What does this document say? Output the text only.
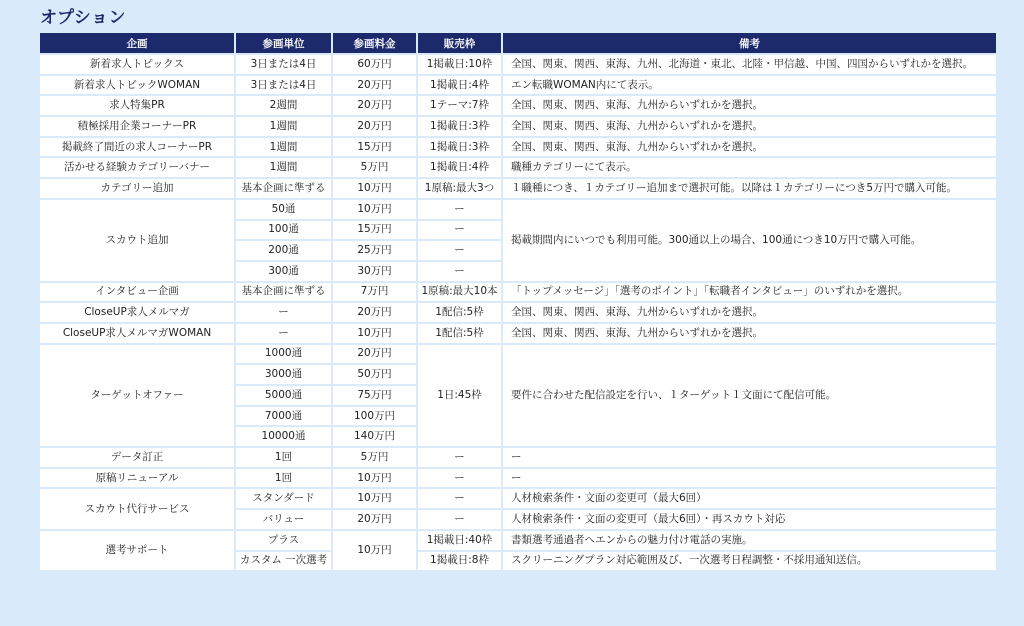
オプション
企画	参画単位	参画料金	販売枠	備考
新着求人トピックス	3日または4日	60万円	1掲載日:10枠	全国、関東、関西、東海、九州、北海道・東北、北陸・甲信越、中国、四国からいずれかを選択。
新着求人トピックWOMAN	3日または4日	20万円	1掲載日:4枠	エン転職WOMAN内にて表示。
求人特集PR	2週間	20万円	1テーマ:7枠	全国、関東、関西、東海、九州からいずれかを選択。
積極採用企業コーナーPR	1週間	20万円	1掲載日:3枠	全国、関東、関西、東海、九州からいずれかを選択。
掲載終了間近の求人コーナーPR	1週間	15万円	1掲載日:3枠	全国、関東、関西、東海、九州からいずれかを選択。
活かせる経験カテゴリーバナー	1週間	5万円	1掲載日:4枠	職種カテゴリーにて表示。
カテゴリー追加	基本企画に準ずる	10万円	1原稿:最大3つ	１職種につき、１カテゴリー追加まで選択可能。以降は１カテゴリーにつき5万円で購入可能。
スカウト追加	50通	10万円	ー	掲載期間内にいつでも利用可能。300通以上の場合、100通につき10万円で購入可能。
	100通	15万円	ー	
	200通	25万円	ー	
	300通	30万円	ー	
インタビュー企画	基本企画に準ずる	7万円	1原稿:最大10本	「トップメッセージ」「選考のポイント」「転職者インタビュー」のいずれかを選択。
CloseUP求人メルマガ	ー	20万円	1配信:5枠	全国、関東、関西、東海、九州からいずれかを選択。
CloseUP求人メルマガWOMAN	ー	10万円	1配信:5枠	全国、関東、関西、東海、九州からいずれかを選択。
ターゲットオファー	1000通	20万円	1日:45枠	要件に合わせた配信設定を行い、１ターゲット１文面にて配信可能。
	3000通	50万円		
	5000通	75万円		
	7000通	100万円		
	10000通	140万円		
データ訂正	1回	5万円	ー	ー
原稿リニューアル	1回	10万円	ー	ー
スカウト代行サービス	スタンダード	10万円	ー	人材検索条件・文面の変更可（最大6回）
	バリュー	20万円	ー	人材検索条件・文面の変更可（最大6回）・再スカウト対応
選考サポート	プラス	10万円	1掲載日:40枠	書類選考通過者へエンからの魅力付け電話の実施。
	カスタム 一次選考		1掲載日:8枠	スクリーニングプラン対応範囲及び、一次選考日程調整・不採用通知送信。
